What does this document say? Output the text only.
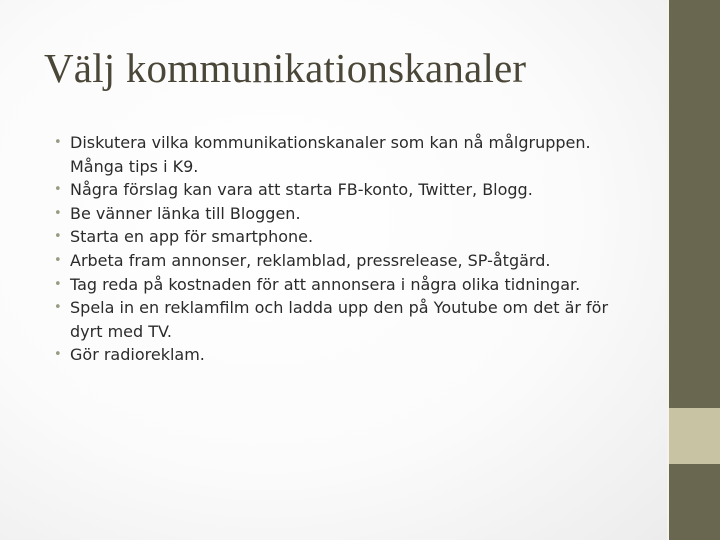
Välj kommunikationskanaler
• Diskutera vilka kommunikationskanaler som kan nå målgruppen. Många tips i K9.
• Några förslag kan vara att starta FB-konto, Twitter, Blogg.
• Be vänner länka till Bloggen.
• Starta en app för smartphone.
• Arbeta fram annonser, reklamblad, pressrelease, SP-åtgärd.
• Tag reda på kostnaden för att annonsera i några olika tidningar.
• Spela in en reklamfilm och ladda upp den på Youtube om det är för dyrt med TV.
• Gör radioreklam.
